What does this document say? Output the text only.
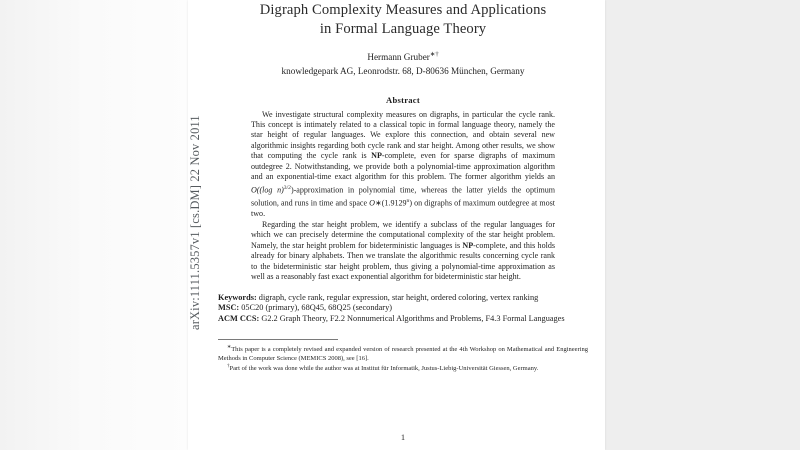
arXiv:1111.5357v1 [cs.DM] 22 Nov 2011
Digraph Complexity Measures and Applications
in Formal Language Theory
Hermann Gruber∗†
knowledgepark AG, Leonrodstr. 68, D-80636 München, Germany
Abstract

We investigate structural complexity measures on digraphs, in particular the cycle rank. This concept is intimately related to a classical topic in formal language theory, namely the star height of regular languages. We explore this connection, and obtain several new algorithmic insights regarding both cycle rank and star height. Among other results, we show that computing the cycle rank is NP-complete, even for sparse digraphs of maximum outdegree 2. Notwithstanding, we provide both a polynomial-time approximation algorithm and an exponential-time exact algorithm for this problem. The former algorithm yields an O((log n)$^{3/2}$)-approximation in polynomial time, whereas the latter yields the optimum solution, and runs in time and space O∗(1.9129$^n$) on digraphs of maximum outdegree at most two.

Regarding the star height problem, we identify a subclass of the regular languages for which we can precisely determine the computational complexity of the star height problem. Namely, the star height problem for bideterministic languages is NP-complete, and this holds already for binary alphabets. Then we translate the algorithmic results concerning cycle rank to the bideterministic star height problem, thus giving a polynomial-time approximation as well as a reasonably fast exact exponential algorithm for bideterministic star height.

Keywords: digraph, cycle rank, regular expression, star height, ordered coloring, vertex ranking

MSC: 05C20 (primary), 68Q45, 68Q25 (secondary)

ACM CCS: G2.2 Graph Theory, F2.2 Nonnumerical Algorithms and Problems, F4.3 Formal Languages

∗This paper is a completely revised and expanded version of research presented at the 4th Workshop on Mathematical and Engineering Methods in Computer Science (MEMICS 2008), see [16].

†Part of the work was done while the author was at Institut für Informatik, Justus-Liebig-Universität Giessen, Germany.

1
